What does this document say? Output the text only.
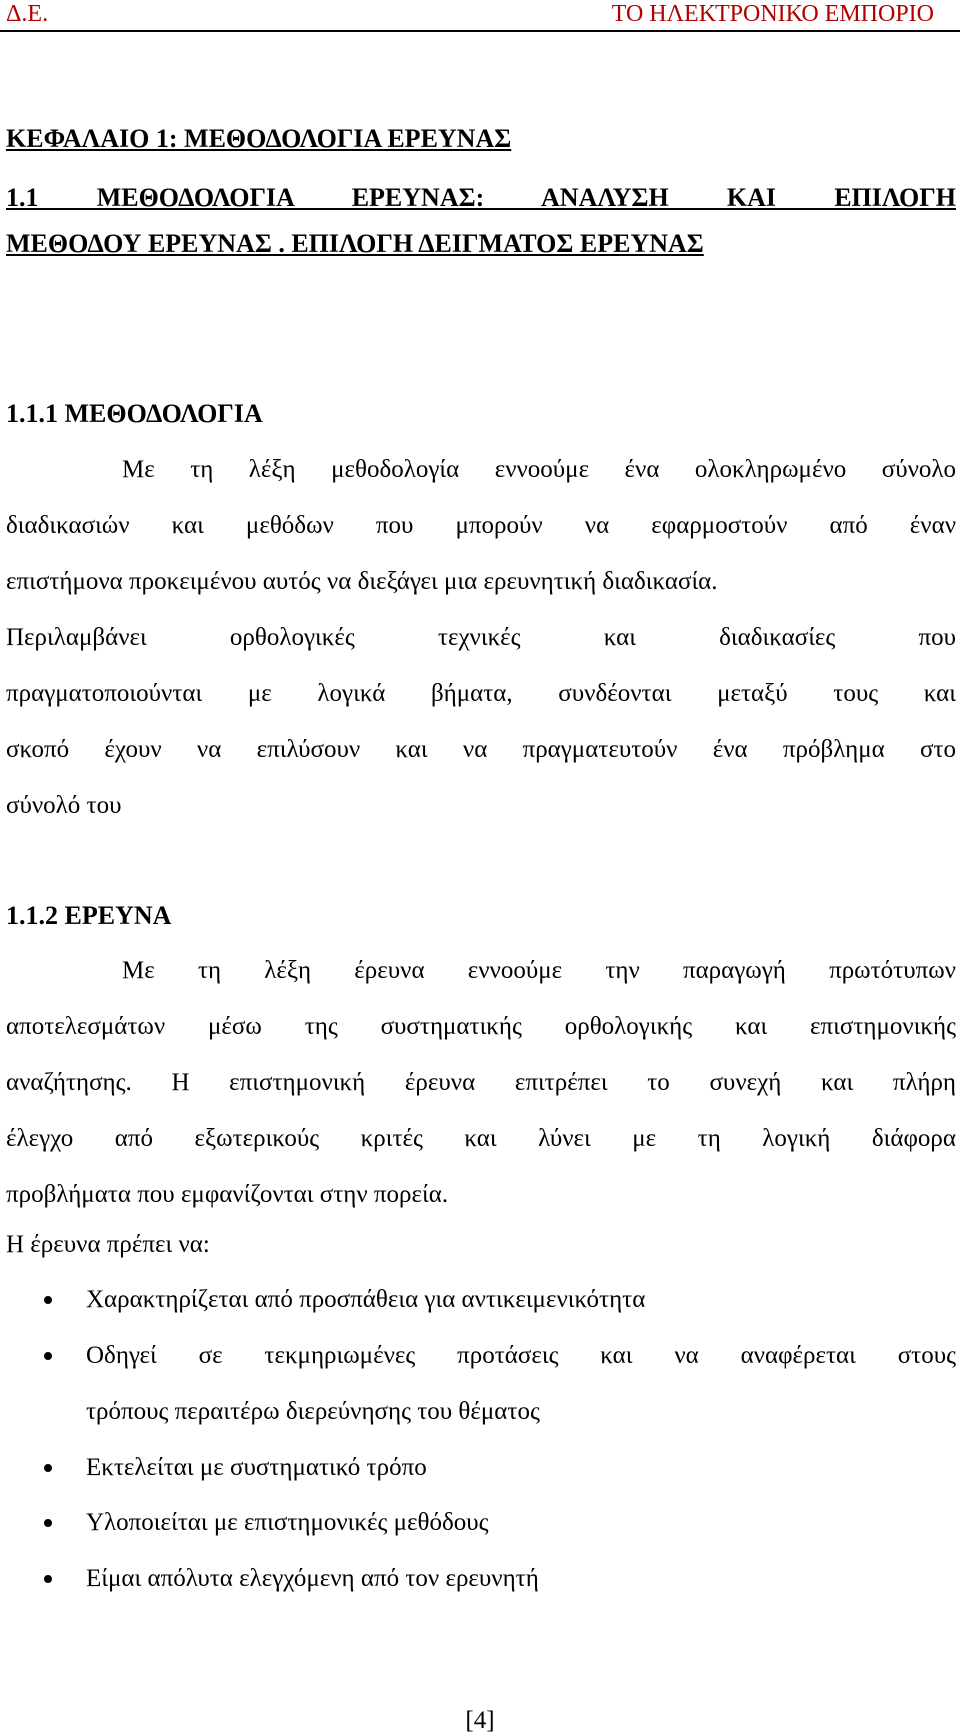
Δ.Ε.	ΤΟ ΗΛΕΚΤΡΟΝΙΚΟ ΕΜΠΟΡΙΟ
ΚΕΦΑΛΑΙΟ 1: ΜΕΘΟΔΟΛΟΓΙΑ ΕΡΕΥΝΑΣ
1.1 ΜΕΘΟΔΟΛΟΓΙΑ ΕΡΕΥΝΑΣ: ΑΝΑΛΥΣΗ ΚΑΙ ΕΠΙΛΟΓΗ
ΜΕΘΟΔΟΥ ΕΡΕΥΝΑΣ . ΕΠΙΛΟΓΗ ΔΕΙΓΜΑΤΟΣ ΕΡΕΥΝΑΣ
1.1.1 ΜΕΘΟΔΟΛΟΓΙΑ
Με τη λέξη μεθοδολογία εννοούμε ένα ολοκληρωμένο σύνολο
διαδικασιών και μεθόδων που μπορούν να εφαρμοστούν από έναν
επιστήμονα προκειμένου αυτός να διεξάγει μια ερευνητική διαδικασία.
Περιλαμβάνει ορθολογικές τεχνικές και διαδικασίες που
πραγματοποιούνται με λογικά βήματα, συνδέονται μεταξύ τους και
σκοπό έχουν να επιλύσουν και να πραγματευτούν ένα πρόβλημα στο
σύνολό του
1.1.2 ΕΡΕΥΝΑ
Με τη λέξη έρευνα εννοούμε την παραγωγή πρωτότυπων
αποτελεσμάτων μέσω της συστηματικής ορθολογικής και επιστημονικής
αναζήτησης. Η επιστημονική έρευνα επιτρέπει το συνεχή και πλήρη
έλεγχο από εξωτερικούς κριτές και λύνει με τη λογική διάφορα
προβλήματα που εμφανίζονται στην πορεία.
Η έρευνα πρέπει να:
Χαρακτηρίζεται από προσπάθεια για αντικειμενικότητα
Οδηγεί σε τεκμηριωμένες προτάσεις και να αναφέρεται στους
τρόπους περαιτέρω διερεύνησης του θέματος
Εκτελείται με συστηματικό τρόπο
Υλοποιείται με επιστημονικές μεθόδους
Είμαι απόλυτα ελεγχόμενη από τον ερευνητή
[4]
